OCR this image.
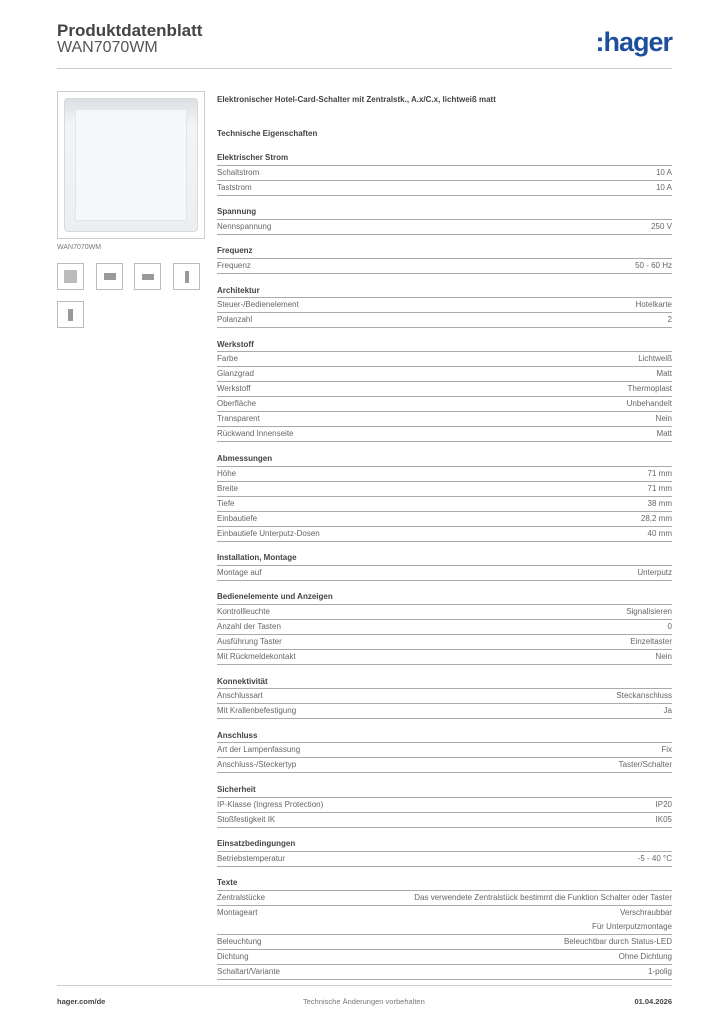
Produktdatenblatt
WAN7070WM	:hager
WAN7070WM
Elektronischer Hotel-Card-Schalter mit Zentralstk., A.x/C.x, lichtweiß matt
Technische Eigenschaften
Elektrischer Strom
Schaltstrom	10 A
Taststrom	10 A
Spannung
Nennspannung	250 V
Frequenz
Frequenz	50 - 60 Hz
Architektur
Steuer-/Bedienelement	Hotelkarte
Polanzahl	2
Werkstoff
Farbe	Lichtweiß
Glanzgrad	Matt
Werkstoff	Thermoplast
Oberfläche	Unbehandelt
Transparent	Nein
Rückwand Innenseite	Matt
Abmessungen
Höhe	71 mm
Breite	71 mm
Tiefe	38 mm
Einbautiefe	28,2 mm
Einbautiefe Unterputz-Dosen	40 mm
Installation, Montage
Montage auf	Unterputz
Bedienelemente und Anzeigen
Kontrollleuchte	Signalisieren
Anzahl der Tasten	0
Ausführung Taster	Einzeltaster
Mit Rückmeldekontakt	Nein
Konnektivität
Anschlussart	Steckanschluss
Mit Krallenbefestigung	Ja
Anschluss
Art der Lampenfassung	Fix
Anschluss-/Steckertyp	Taster/Schalter
Sicherheit
IP-Klasse (Ingress Protection)	IP20
Stoßfestigkeit IK	IK05
Einsatzbedingungen
Betriebstemperatur	-5 - 40 °C
Texte
Zentralstücke	Das verwendete Zentralstück bestimmt die Funktion Schalter oder Taster
Montageart	Verschraubbar
Für Unterputzmontage
Beleuchtung	Beleuchtbar durch Status-LED
Dichtung	Ohne Dichtung
Schaltart/Variante	1-polig
hager.com/de	Technische Änderungen vorbehalten	01.04.2026
